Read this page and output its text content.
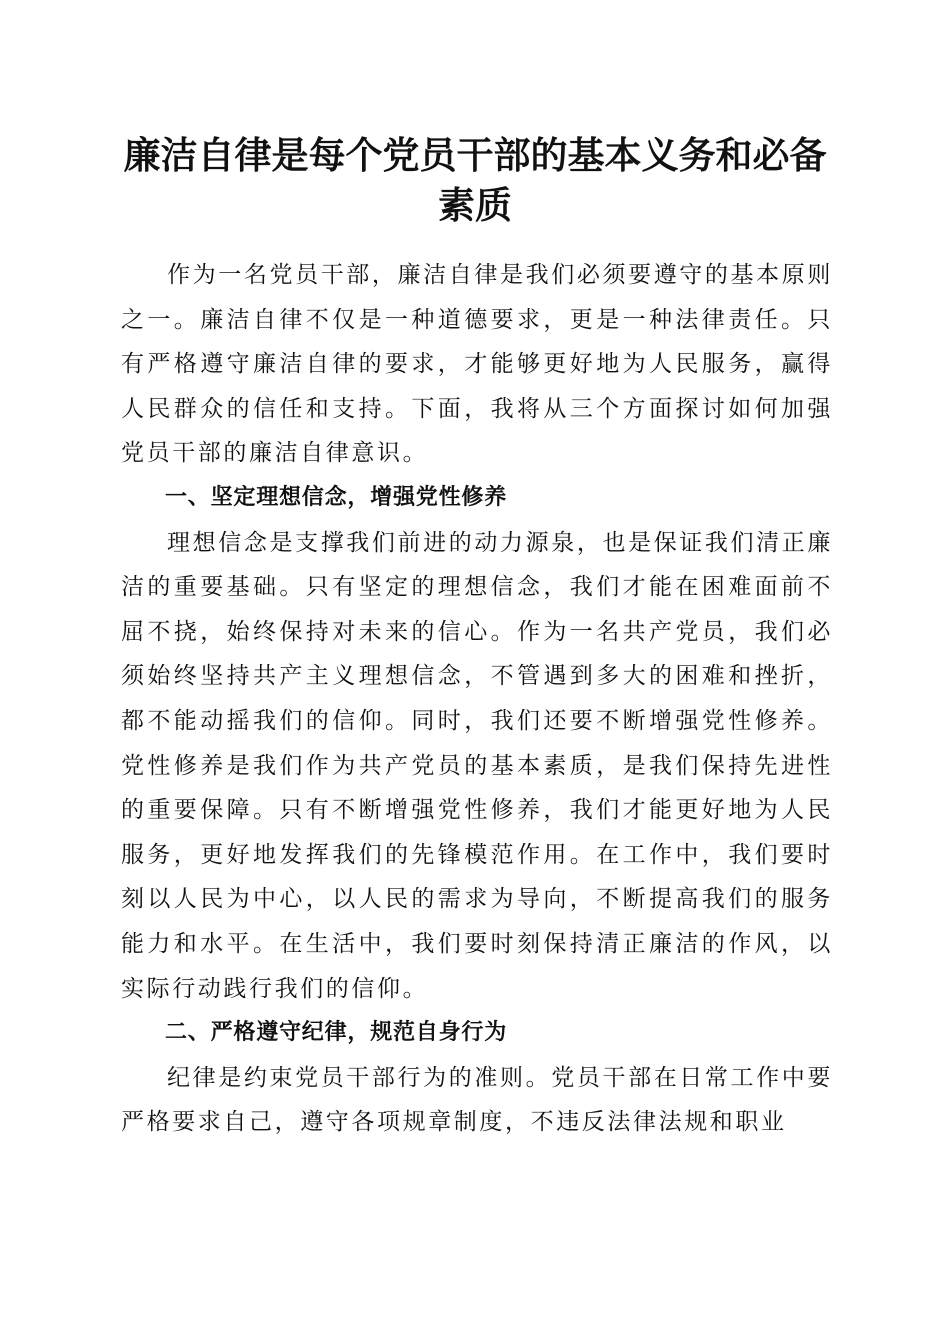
廉洁自律是每个党员干部的基本义务和必备素质

作为一名党员干部，廉洁自律是我们必须要遵守的基本原则之一。廉洁自律不仅是一种道德要求，更是一种法律责任。只有严格遵守廉洁自律的要求，才能够更好地为人民服务，赢得人民群众的信任和支持。下面，我将从三个方面探讨如何加强党员干部的廉洁自律意识。

一、坚定理想信念，增强党性修养

理想信念是支撑我们前进的动力源泉，也是保证我们清正廉洁的重要基础。只有坚定的理想信念，我们才能在困难面前不屈不挠，始终保持对未来的信心。作为一名共产党员，我们必须始终坚持共产主义理想信念，不管遇到多大的困难和挫折，都不能动摇我们的信仰。同时，我们还要不断增强党性修养。党性修养是我们作为共产党员的基本素质，是我们保持先进性的重要保障。只有不断增强党性修养，我们才能更好地为人民服务，更好地发挥我们的先锋模范作用。在工作中，我们要时刻以人民为中心，以人民的需求为导向，不断提高我们的服务能力和水平。在生活中，我们要时刻保持清正廉洁的作风，以实际行动践行我们的信仰。

二、严格遵守纪律，规范自身行为

纪律是约束党员干部行为的准则。党员干部在日常工作中要严格要求自己，遵守各项规章制度，不违反法律法规和职业
